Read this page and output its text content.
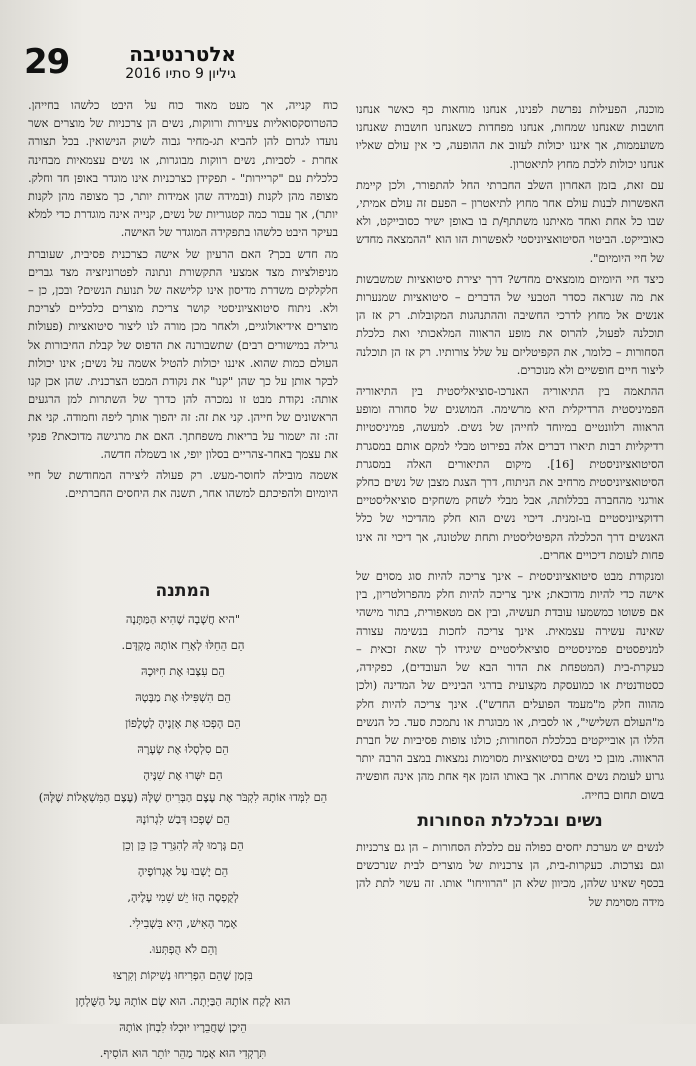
29	אלטרנטיבה
גיליון 9 סתיו 2016

מוכנה, הפעילות נפרשת לפנינו, אנחנו מוחאות כף כאשר אנחנו חושבות שאנחנו שמחות, אנחנו מפחדות כשאנחנו חושבות שאנחנו משועממות, אך איננו יכולות לעזוב את ההופעה, כי אין עולם שאליו אנחנו יכולות ללכת מחוץ לתיאטרון.

עם זאת, בזמן האחרון השלב החברתי החל להתפורר, ולכן קיימת האפשרות לבנות עולם אחר מחוץ לתיאטרון – הפעם זה עולם אמיתי, שבו כל אחת ואחד מאיתנו משתתף/ת בו באופן ישיר כסובייקט, ולא כאובייקט. הביטוי הסיטואציוניסטי לאפשרות הזו הוא "ההמצאה מחדש של חיי היומיום".

כיצד חיי היומיום מומצאים מחדש? דרך יצירת סיטואציות שמשבשות את מה שנראה כסדר הטבעי של הדברים – סיטואציות שמנערות אנשים אל מחוץ לדרכי החשיבה וההתנהגות המקובלות. רק אז הן תוכלנה לפעול, להרוס את מופע הראווה המלאכותי ואת כלכלת הסחורות – כלומר, את הקפיטליזם על שלל צורותיו. רק אז הן תוכלנה ליצור חיים חופשיים ולא מנוכרים.

ההתאמה בין התיאוריה האנרכו-סוציאליסטית בין התיאוריה הפמיניסטית הרדיקלית היא מרשימה. המושגים של סחורה ומופע הראווה רלוונטיים במיוחד לחייהן של נשים. למעשה, פמיניסטיות רדיקליות רבות תיארו דברים אלה בפירוט מבלי למקם אותם במסגרת הסיטואציוניסטית [16]. מיקום התיאורים האלה במסגרת הסיטואציוניסטית מרחיב את הניתוח, דרך הצגת מצבן של נשים כחלק אורגני מהחברה בכללותה, אבל מבלי לשחק משחקים סוציאליסטיים רדוקציוניסטיים בו-זמנית. דיכוי נשים הוא חלק מהדיכוי של כלל האנשים דרך הכלכלה הקפיטליסטית ותחת שלטונה, אך דיכוי זה אינו פחות לעומת דיכויים אחרים.

ומנקודת מבט סיטואציוניסטית – אינך צריכה להיות סוג מסוים של אישה כדי להיות מדוכאת; אינך צריכה להיות חלק מהפרולטריון, בין אם פשוטו כמשמעו עובדת תעשיה, ובין אם מטאפורית, בתור מישהי שאינה עשירה עצמאית. אינך צריכה לחכות בנשימה עצורה למניפסטים פמיניסטיים סוציאליסטיים שיגידו לך שאת זכאית – כעקרת-בית (המטפחת את הדור הבא של העובדים), כפקידה, כסטודנטית או כמועסקת מקצועית בדרגי הביניים של המדינה (ולכן מהווה חלק מ"מעמד הפועלים החדש"). אינך צריכה להיות חלק מ"העולם השלישי", או לסבית, או מבוגרת או נתמכת סעד. כל הנשים הללו הן אובייקטים בכלכלת הסחורות; כולנו צופות פסיביות של חברת הראווה. מובן כי נשים בסיטואציות מסוימות נמצאות במצב הרבה יותר גרוע לעומת נשים אחרות. אך באותו הזמן אף אחת מהן אינה חופשיה בשום תחום בחייה.

נשים ובכלכלת הסחורות

לנשים יש מערכת יחסים כפולה עם כלכלת הסחורות – הן גם צרכניות וגם נצרכות. כעקרות-בית, הן צרכניות של מוצרים לבית שנרכשים בכסף שאינו שלהן, מכיוון שלא הן "הרוויחו" אותו. זה עשוי לתת להן מידה מסוימת של

כוח קנייה, אך מעט מאוד כוח על היבט כלשהו בחייהן. כהטרוסקסואליות צעירות ורווקות, נשים הן צרכניות של מוצרים אשר נועדו לגרום להן להביא תג-מחיר גבוה לשוק הנישואין. בכל תצורה אחרת - לסביות, נשים רווקות מבוגרות, או נשים עצמאיות מבחינה כלכלית עם "קריירות" - תפקידן כצרכניות אינו מוגדר באופן חד וחלק. מצופה מהן לקנות (ובמידה שהן אמידות יותר, כך מצופה מהן לקנות יותר), אך עבור כמה קטגוריות של נשים, קנייה אינה מוגדרת כדי למלא בעיקר היבט כלשהו בתפקידה המוגדר של האישה.

מה חדש בכך? האם הרעיון של אישה כצרכנית פסיבית, שעוברת מניפולציות מצד אמצעי התקשורת ונתונה לפטרוניזציה מצד גברים חלקלקים משדרת מדיסון אינו קלישאה של תנועת הנשים? ובכן, כן – ולא. ניתוח סיטואציוניסטי קושר צריכת מוצרים כלכליים לצריכת מוצרים אידיאולוגיים, ולאחר מכן מורה לנו ליצור סיטואציות (פעולות גרילה במישורים רבים) שתשבורנה את הדפוס של קבלת החיבורות אל העולם כמות שהוא. איננו יכולות להטיל אשמה על נשים; אינו יכולות לבקר אותן על כך שהן "קנו" את נקודת המבט הצרכנית. שהן אכן קנו אותה: נקודת מבט זו נמכרה להן כדרך של השתרות למן הרגעים הראשונים של חייהן. קני את זה: זה יהפוך אותך ליפה וחמודה. קני את זה: זה ישמור על בריאות משפחתך. האם את מרגישה מדוכאת? פנקי את עצמך באחר-צהריים בסלון יופי, או בשמלה חדשה.

אשמה מובילה לחוסר-מעש. רק פעולה ליצירה המחודשת של חיי היומיום ולהפיכתם למשהו אחר, תשנה את היחסים החברתיים.

המתנה
"היא חֲשָׁבָה שֶׁהִיא הַמַּתָּנָה
הֵם הֵחֵלּוּ לְאָרֵז אוֹתָהּ מֻקְדָּם.
הֵם עִצְּבוּ אֶת חִיּוּכָהּ
הֵם הִשְׁפִּילוּ אֶת מַבָּטָהּ
הֵם הָפְכוּ אֶת אָזְנֶיהָ לְטֶלֶפוֹן
הֵם סִלְסְלוּ אֶת שְׂעָרָהּ
הֵם יִשְּׁרוּ אֶת שִׁנֶּיהָ
הֵם לִמְּדוּ אוֹתָהּ לִקְבֹּר אֶת עֶצֶם הַבְּרִיחַ שֶׁלָּהּ (עֶצֶם הַמִּשְׁאָלוֹת שֶׁלָּהּ)
הֵם שָׁפְכוּ דְּבַשׁ לִגְרוֹנָהּ
הֵם גָּרְמוּ לָהּ לְהִגַּרֵד כֵּן כֵּן וְכֵן
הֵם יָשְׁבוּ עַל אֶגְרוֹפֶיהָ
לְקֻפְסָה הַזּוֹ יֵשׁ שֵׁמִי עָלֶיהָ,
אָמַר הָאִישׁ, הִיא בִּשְׁבִילִי.
וְהֵם לֹא הֻפְתְּעוּ.
בִּזְמַן שֶׁהֵם הִפְרִיחוּ נְשִׁיקוֹת וְקִרְצוּ
הוּא לָקַח אוֹתָהּ הַבַּיְתָה. הוּא שָׂם אוֹתָהּ עַל הַשֻּׁלְחָן
הֵיכָן שֶׁחֲבֵרָיו יוּכְלוּ לִבְחֹן אוֹתָהּ
תִּרְקְדִי הוּא אָמַר מַהֵר יוֹתֵר הוּא הוֹסִיף.
